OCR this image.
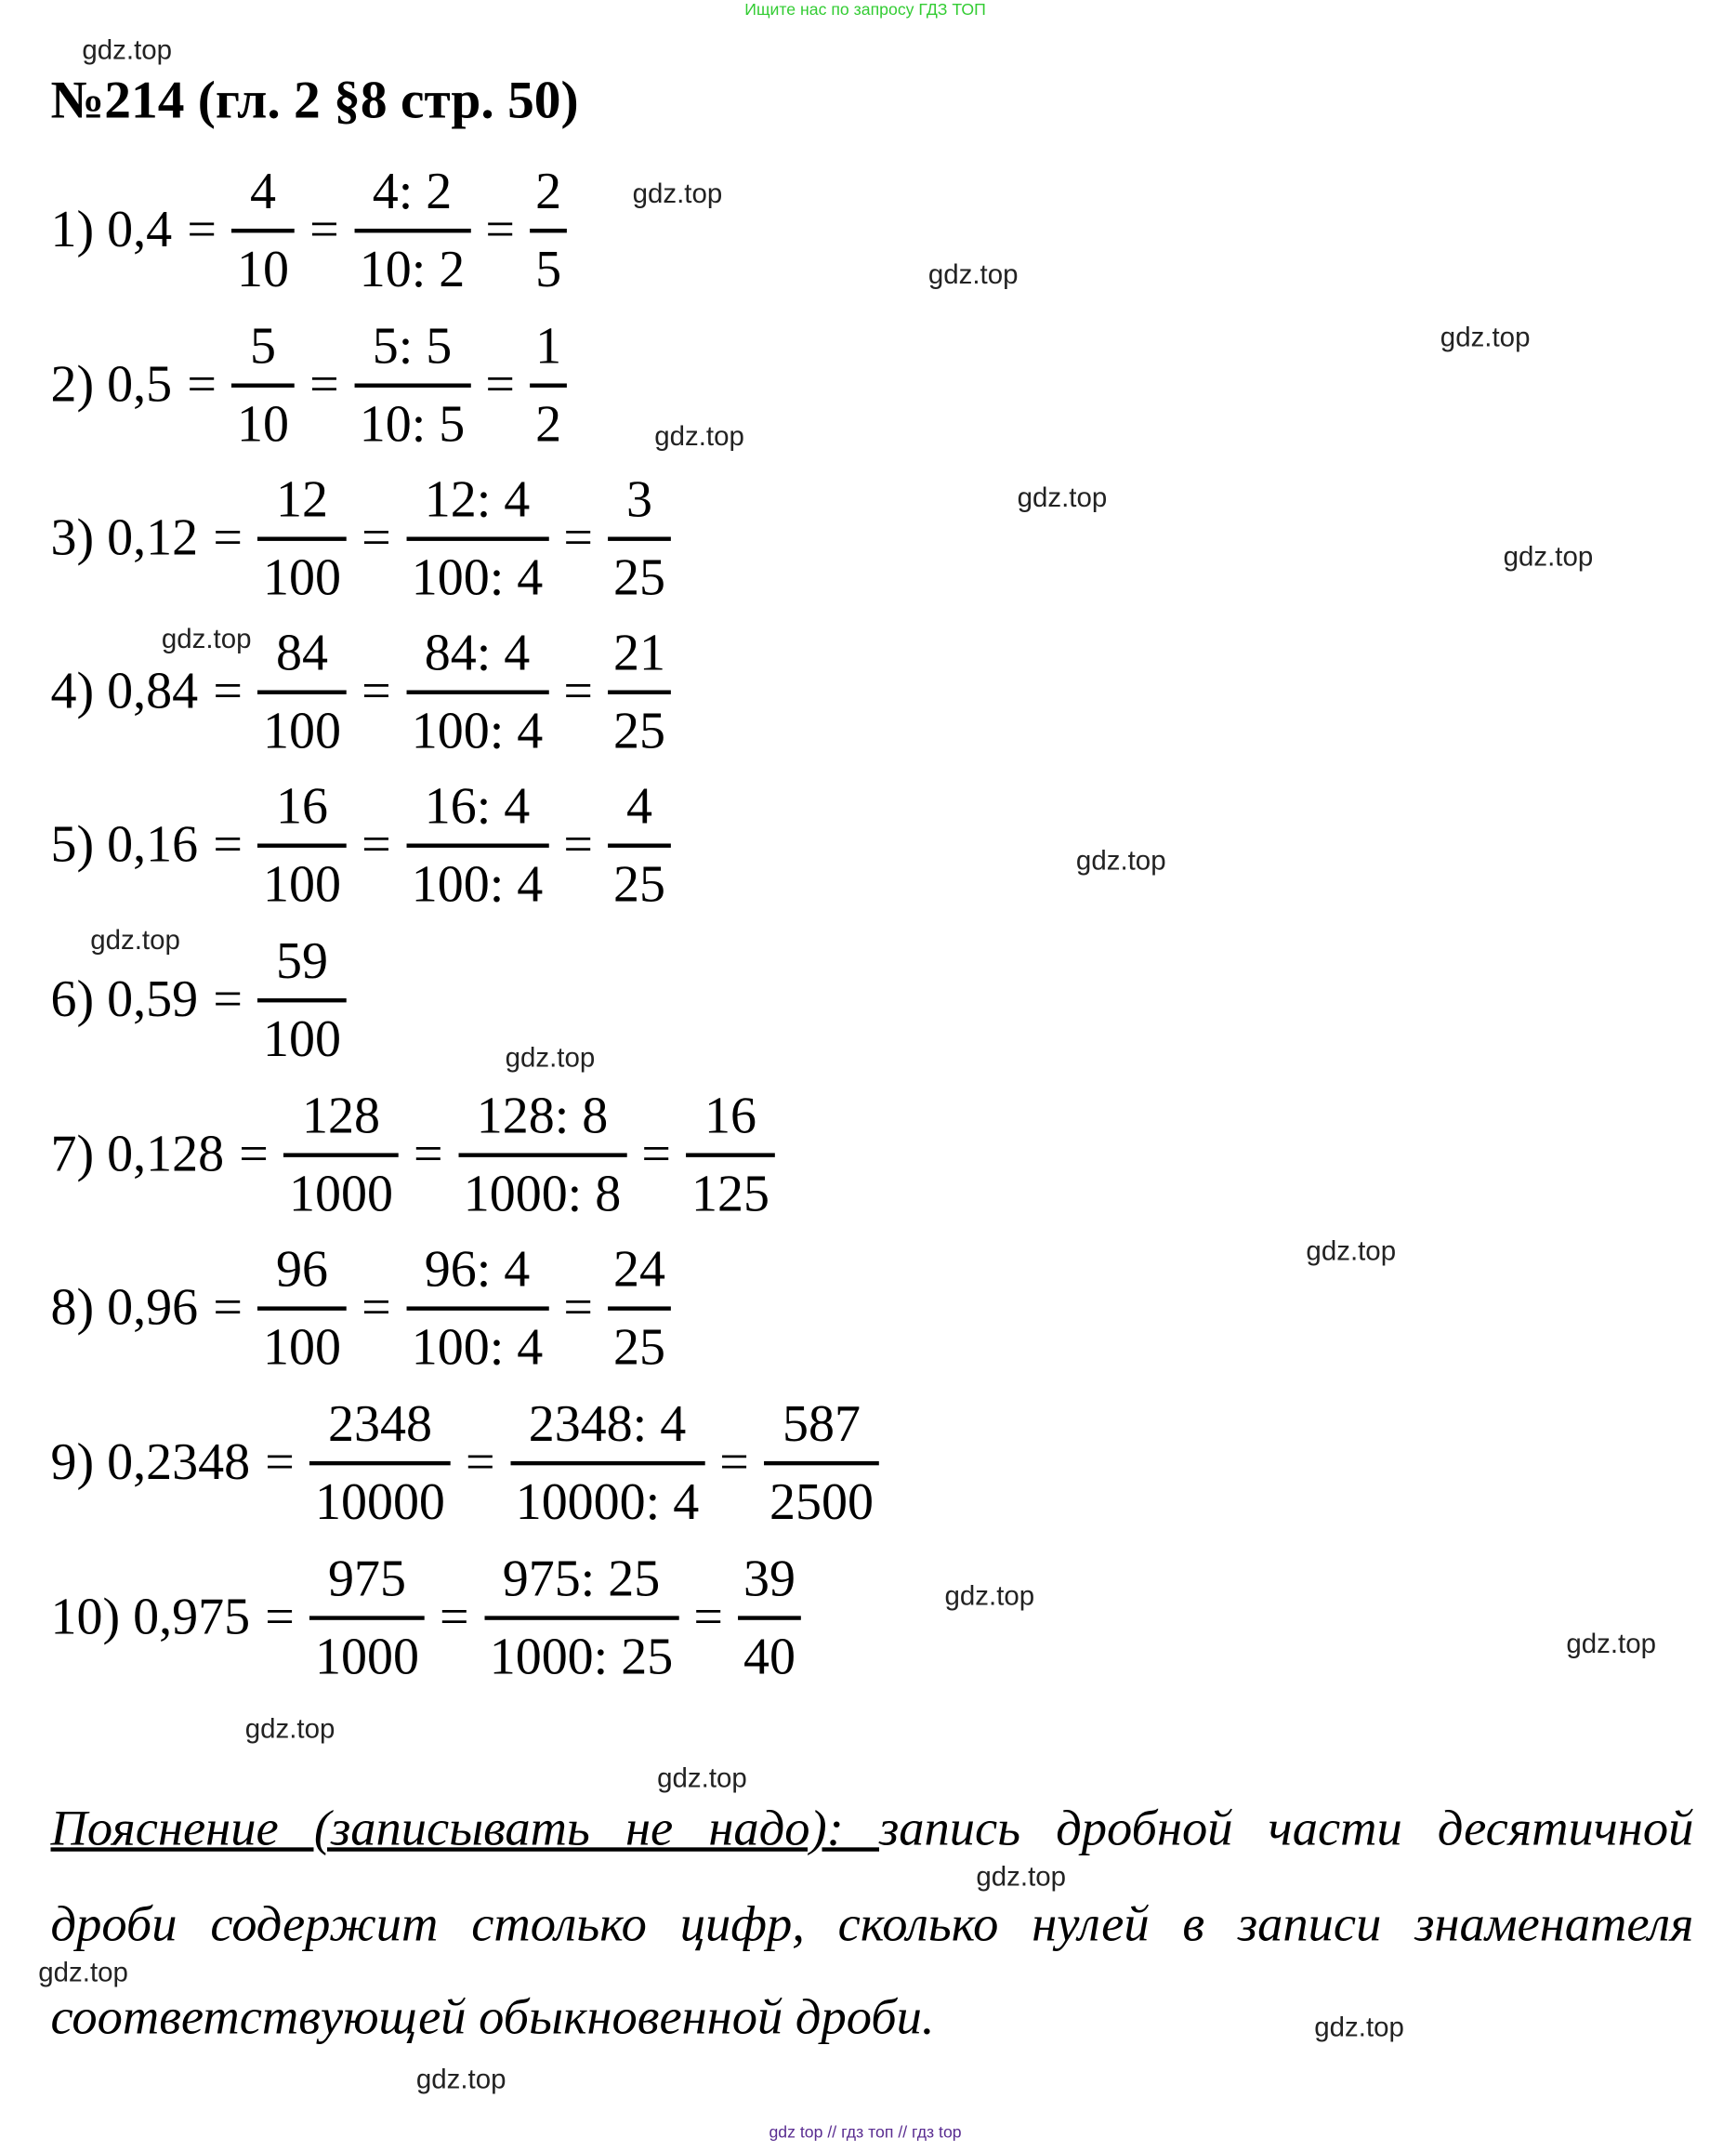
Ищите нас по запросу ГДЗ ТОП
№214 (гл. 2 §8 стр. 50)
1) 0,4 =
4
10
=
4: 2
10: 2
=
2
5
2) 0,5 =
5
10
=
5: 5
10: 5
=
1
2
3) 0,12 =
12
100
=
12: 4
100: 4
=
3
25
4) 0,84 =
84
100
=
84: 4
100: 4
=
21
25
5) 0,16 =
16
100
=
16: 4
100: 4
=
4
25
6) 0,59 =
59
100
7) 0,128 =
128
1000
=
128: 8
1000: 8
=
16
125
8) 0,96 =
96
100
=
96: 4
100: 4
=
24
25
9) 0,2348 =
2348
10000
=
2348: 4
10000: 4
=
587
2500
10) 0,975 =
975
1000
=
975: 25
1000: 25
=
39
40
Пояснение (записывать не надо): запись дробной части десятичной
дроби содержит столько цифр, сколько нулей в записи знаменателя
соответствующей обыкновенной дроби.
gdz.top
gdz.top
gdz.top
gdz.top
gdz.top
gdz.top
gdz.top
gdz.top
gdz.top
gdz.top
gdz.top
gdz.top
gdz.top
gdz.top
gdz.top
gdz.top
gdz.top
gdz.top
gdz.top
gdz.top
gdz top // гдз топ // гдз top
